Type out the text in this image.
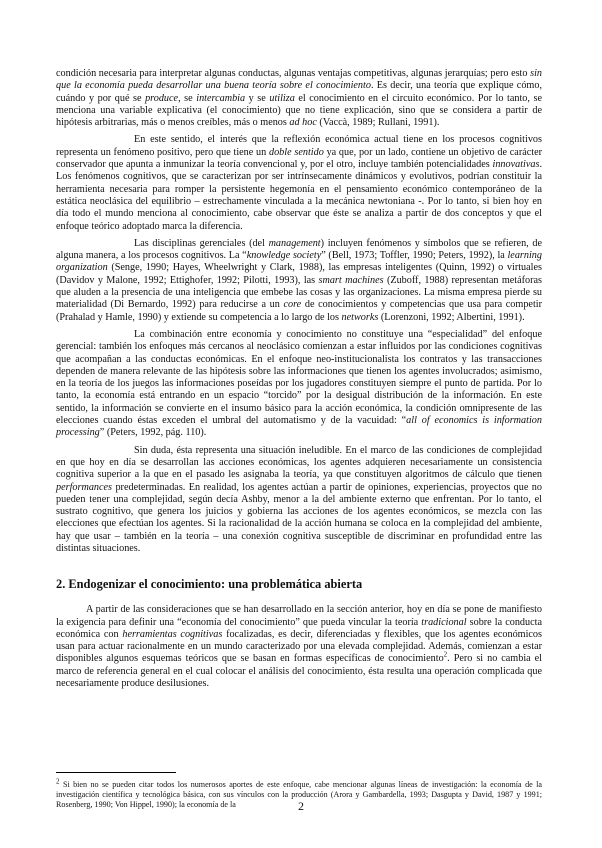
condición necesaria para interpretar algunas conductas, algunas ventajas competitivas, algunas jerarquías; pero esto sin que la economía pueda desarrollar una buena teoría sobre el conocimiento. Es decir, una teoría que explique cómo, cuándo y por qué se produce, se intercambia y se utiliza el conocimiento en el circuito económico. Por lo tanto, se menciona una variable explicativa (el conocimiento) que no tiene explicación, sino que se considera a partir de hipótesis arbitrarias, más o menos creíbles, más o menos ad hoc (Vaccà, 1989; Rullani, 1991).

En este sentido, el interés que la reflexión económica actual tiene en los procesos cognitivos representa un fenómeno positivo, pero que tiene un doble sentido ya que, por un lado, contiene un objetivo de carácter conservador que apunta a inmunizar la teoría convencional y, por el otro, incluye también potencialidades innovativas. Los fenómenos cognitivos, que se caracterizan por ser intrínsecamente dinámicos y evolutivos, podrían constituir la herramienta necesaria para romper la persistente hegemonía en el pensamiento económico contemporáneo de la estática neoclásica del equilibrio – estrechamente vinculada a la mecánica newtoniana -. Por lo tanto, si bien hoy en día todo el mundo menciona al conocimiento, cabe observar que éste se analiza a partir de dos conceptos y que el enfoque teórico adoptado marca la diferencia.

Las disciplinas gerenciales (del management) incluyen fenómenos y símbolos que se refieren, de alguna manera, a los procesos cognitivos. La “knowledge society” (Bell, 1973; Toffler, 1990; Peters, 1992), la learning organization (Senge, 1990; Hayes, Wheelwright y Clark, 1988), las empresas inteligentes (Quinn, 1992) o virtuales (Davidov y Malone, 1992; Ettighofer, 1992; Pilotti, 1993), las smart machines (Zuboff, 1988) representan metáforas que aluden a la presencia de una inteligencia que embebe las cosas y las organizaciones. La misma empresa pierde su materialidad (Di Bernardo, 1992) para reducirse a un core de conocimientos y competencias que usa para competir (Prahalad y Hamle, 1990) y extiende su competencia a lo largo de los networks (Lorenzoni, 1992; Albertini, 1991).

La combinación entre economía y conocimiento no constituye una “especialidad” del enfoque gerencial: también los enfoques más cercanos al neoclásico comienzan a estar influidos por las condiciones cognitivas que acompañan a las conductas económicas. En el enfoque neo-institucionalista los contratos y las transacciones dependen de manera relevante de las hipótesis sobre las informaciones que tienen los agentes involucrados; asimismo, en la teoría de los juegos las informaciones poseídas por los jugadores constituyen siempre el punto de partida. Por lo tanto, la economía está entrando en un espacio “torcido” por la desigual distribución de la información. En este sentido, la información se convierte en el insumo básico para la acción económica, la condición omnipresente de las elecciones cuando éstas exceden el umbral del automatismo y de la vacuidad: “all of economics is information processing” (Peters, 1992, pág. 110).

Sin duda, ésta representa una situación ineludible. En el marco de las condiciones de complejidad en que hoy en día se desarrollan las acciones económicas, los agentes adquieren necesariamente un consistencia cognitiva superior a la que en el pasado les asignaba la teoría, ya que constituyen algoritmos de cálculo que tienen performances predeterminadas. En realidad, los agentes actúan a partir de opiniones, experiencias, proyectos que no pueden tener una complejidad, según decía Ashby, menor a la del ambiente externo que enfrentan. Por lo tanto, el sustrato cognitivo, que genera los juicios y gobierna las acciones de los agentes económicos, se mezcla con las elecciones que efectúan los agentes. Si la racionalidad de la acción humana se coloca en la complejidad del ambiente, hay que usar – también en la teoría – una conexión cognitiva susceptible de discriminar en profundidad entre las distintas situaciones.

2. Endogenizar el conocimiento: una problemática abierta

A partir de las consideraciones que se han desarrollado en la sección anterior, hoy en día se pone de manifiesto la exigencia para definir una “economía del conocimiento” que pueda vincular la teoría tradicional sobre la conducta económica con herramientas cognitivas focalizadas, es decir, diferenciadas y flexibles, que los agentes económicos usan para actuar racionalmente en un mundo caracterizado por una elevada complejidad. Además, comienzan a estar disponibles algunos esquemas teóricos que se basan en formas específicas de conocimiento$^2$. Pero si no cambia el marco de referencia general en el cual colocar el análisis del conocimiento, ésta resulta una operación complicada que necesariamente produce desilusiones.

$^2$ Si bien no se pueden citar todos los numerosos aportes de este enfoque, cabe mencionar algunas líneas de investigación: la economía de la investigación científica y tecnológica básica, con sus vínculos con la producción (Arora y Gambardella, 1993; Dasgupta y David, 1987 y 1991; Rosenberg, 1990; Von Hippel, 1990); la economía de la	2
